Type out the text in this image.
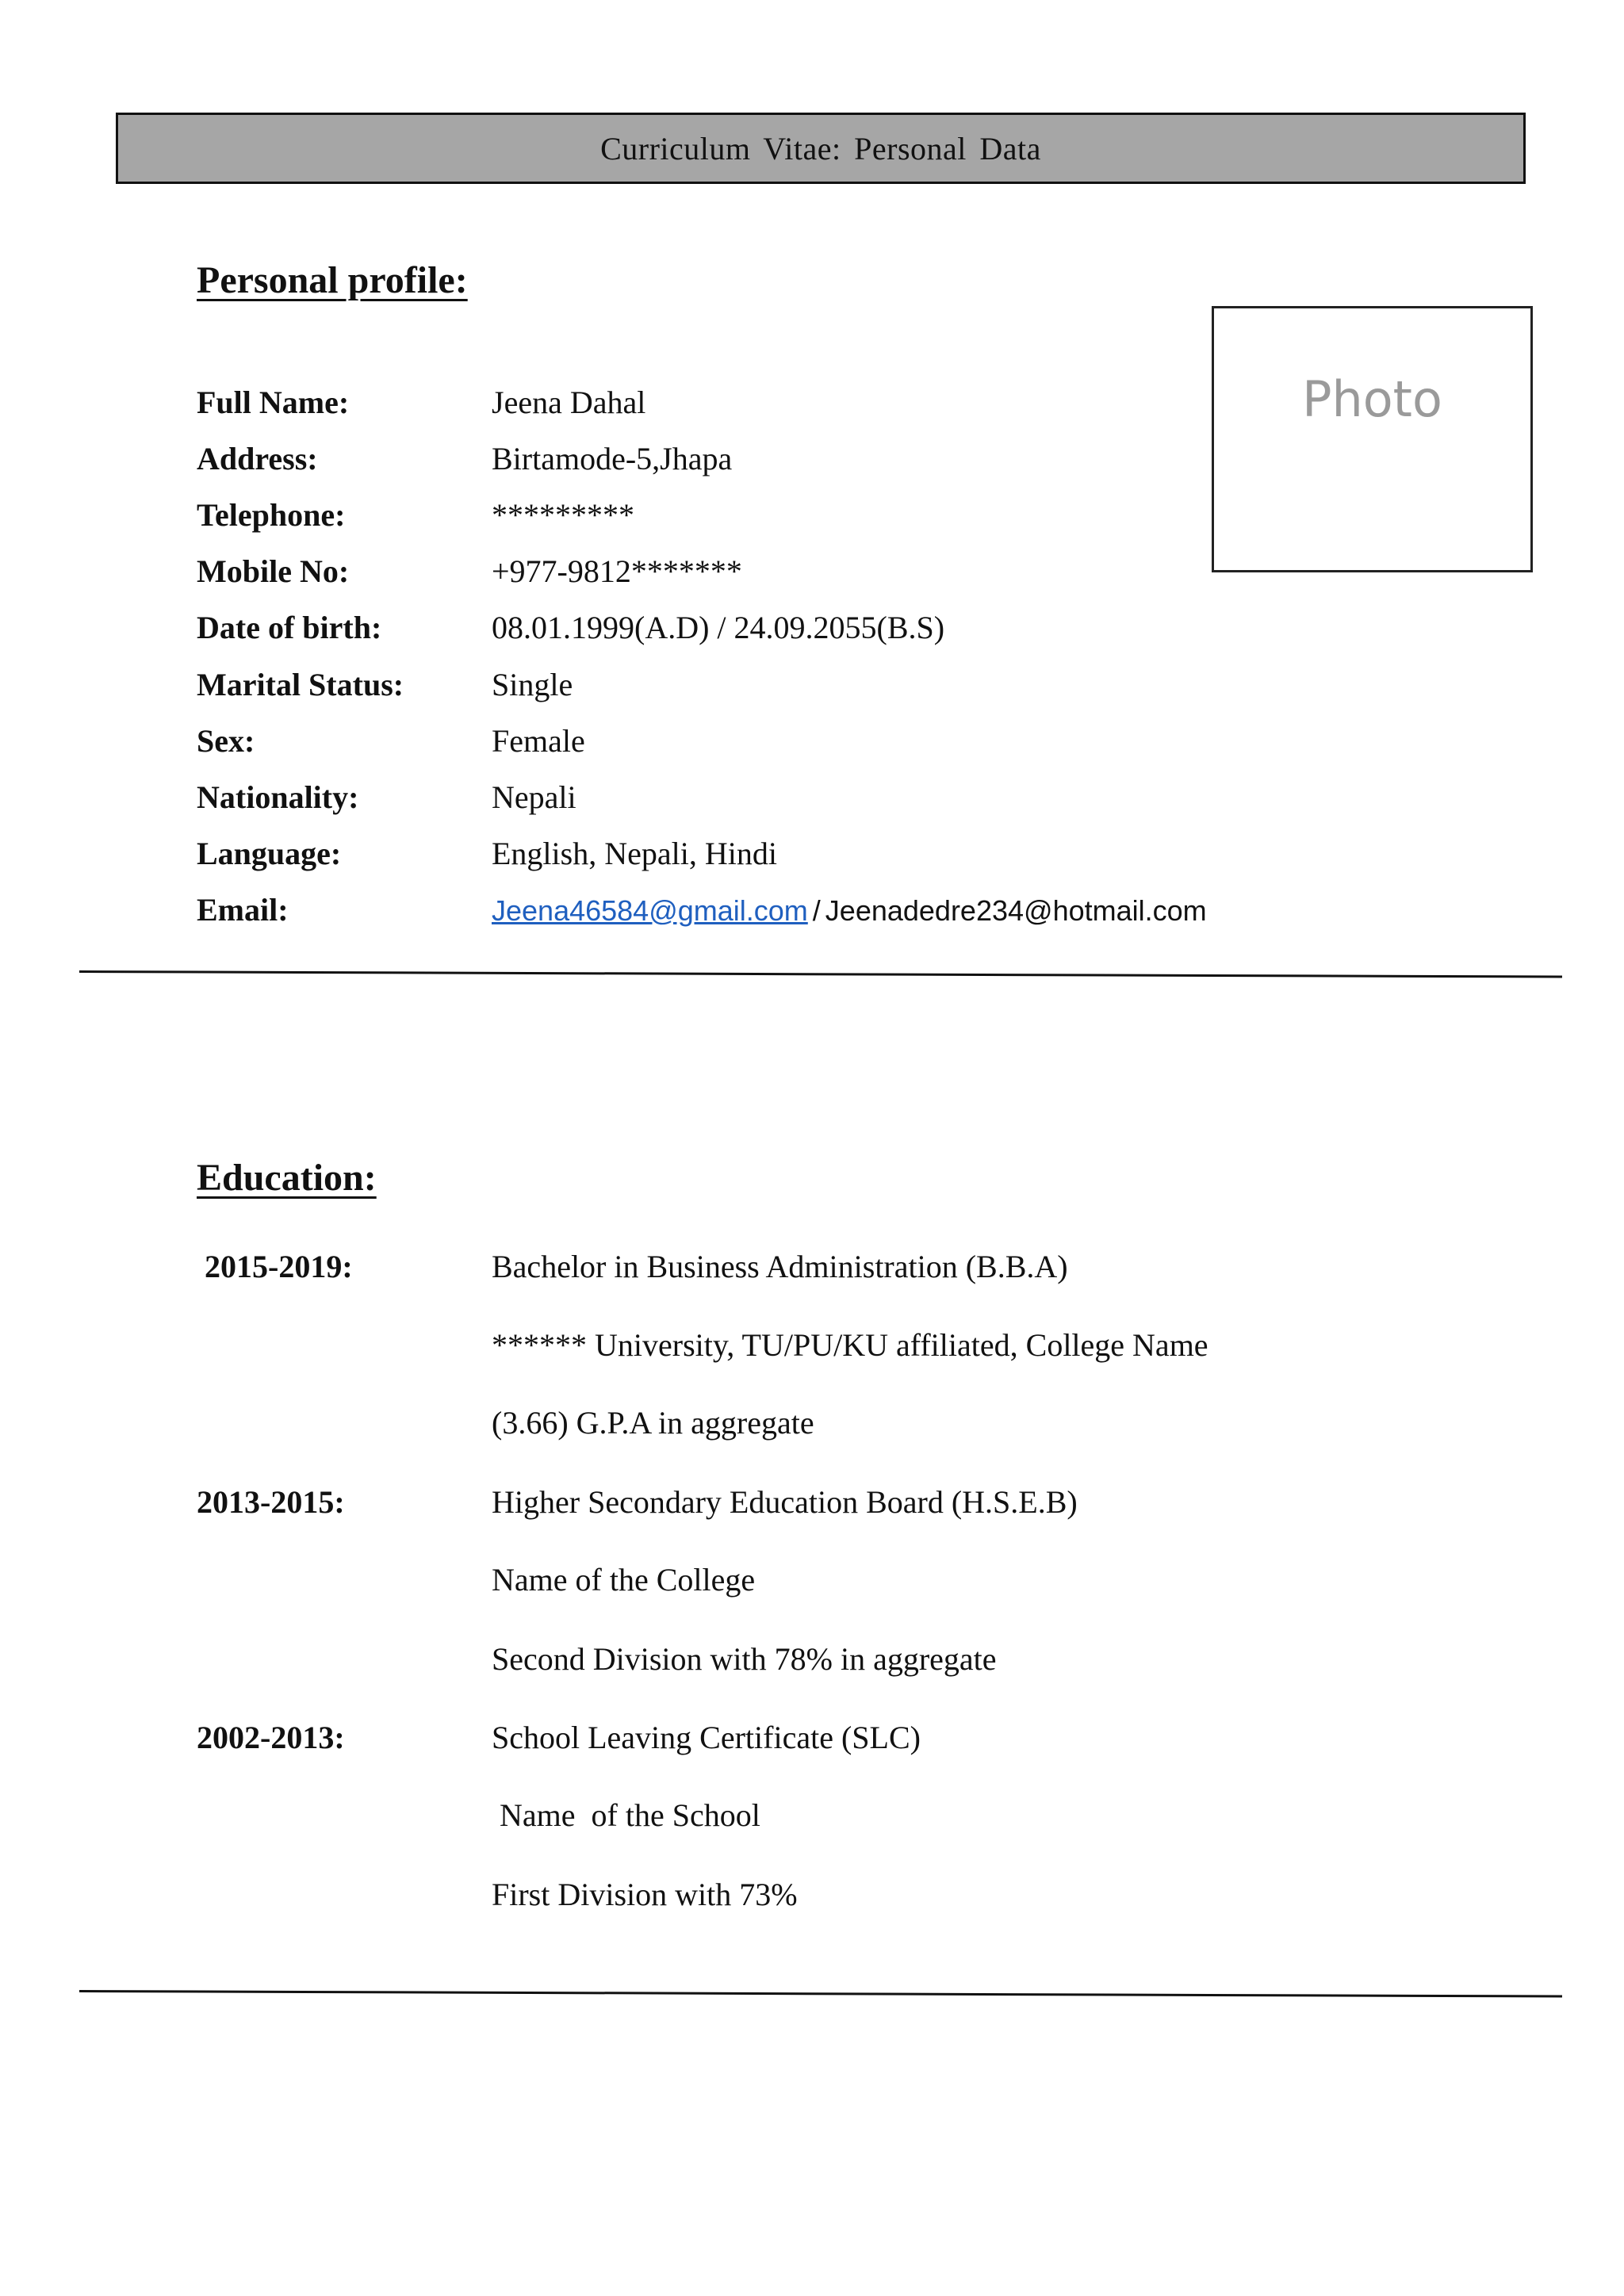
Curriculum Vitae: Personal Data
Personal profile:
Photo
Full Name:	Jeena Dahal
Address:	Birtamode-5,Jhapa
Telephone:	*********
Mobile No:	+977-9812*******
Date of birth:	08.01.1999(A.D) / 24.09.2055(B.S)
Marital Status:	Single
Sex:	Female
Nationality:	Nepali
Language:	English, Nepali, Hindi
Email:	Jeena46584@gmail.com / Jeenadedre234@hotmail.com
Education:
2015-2019:	Bachelor in Business Administration (B.B.A)
****** University, TU/PU/KU affiliated, College Name
(3.66) G.P.A in aggregate
2013-2015:	Higher Secondary Education Board (H.S.E.B)
Name of the College
Second Division with 78% in aggregate
2002-2013:	School Leaving Certificate (SLC)
Name  of the School
First Division with 73%
